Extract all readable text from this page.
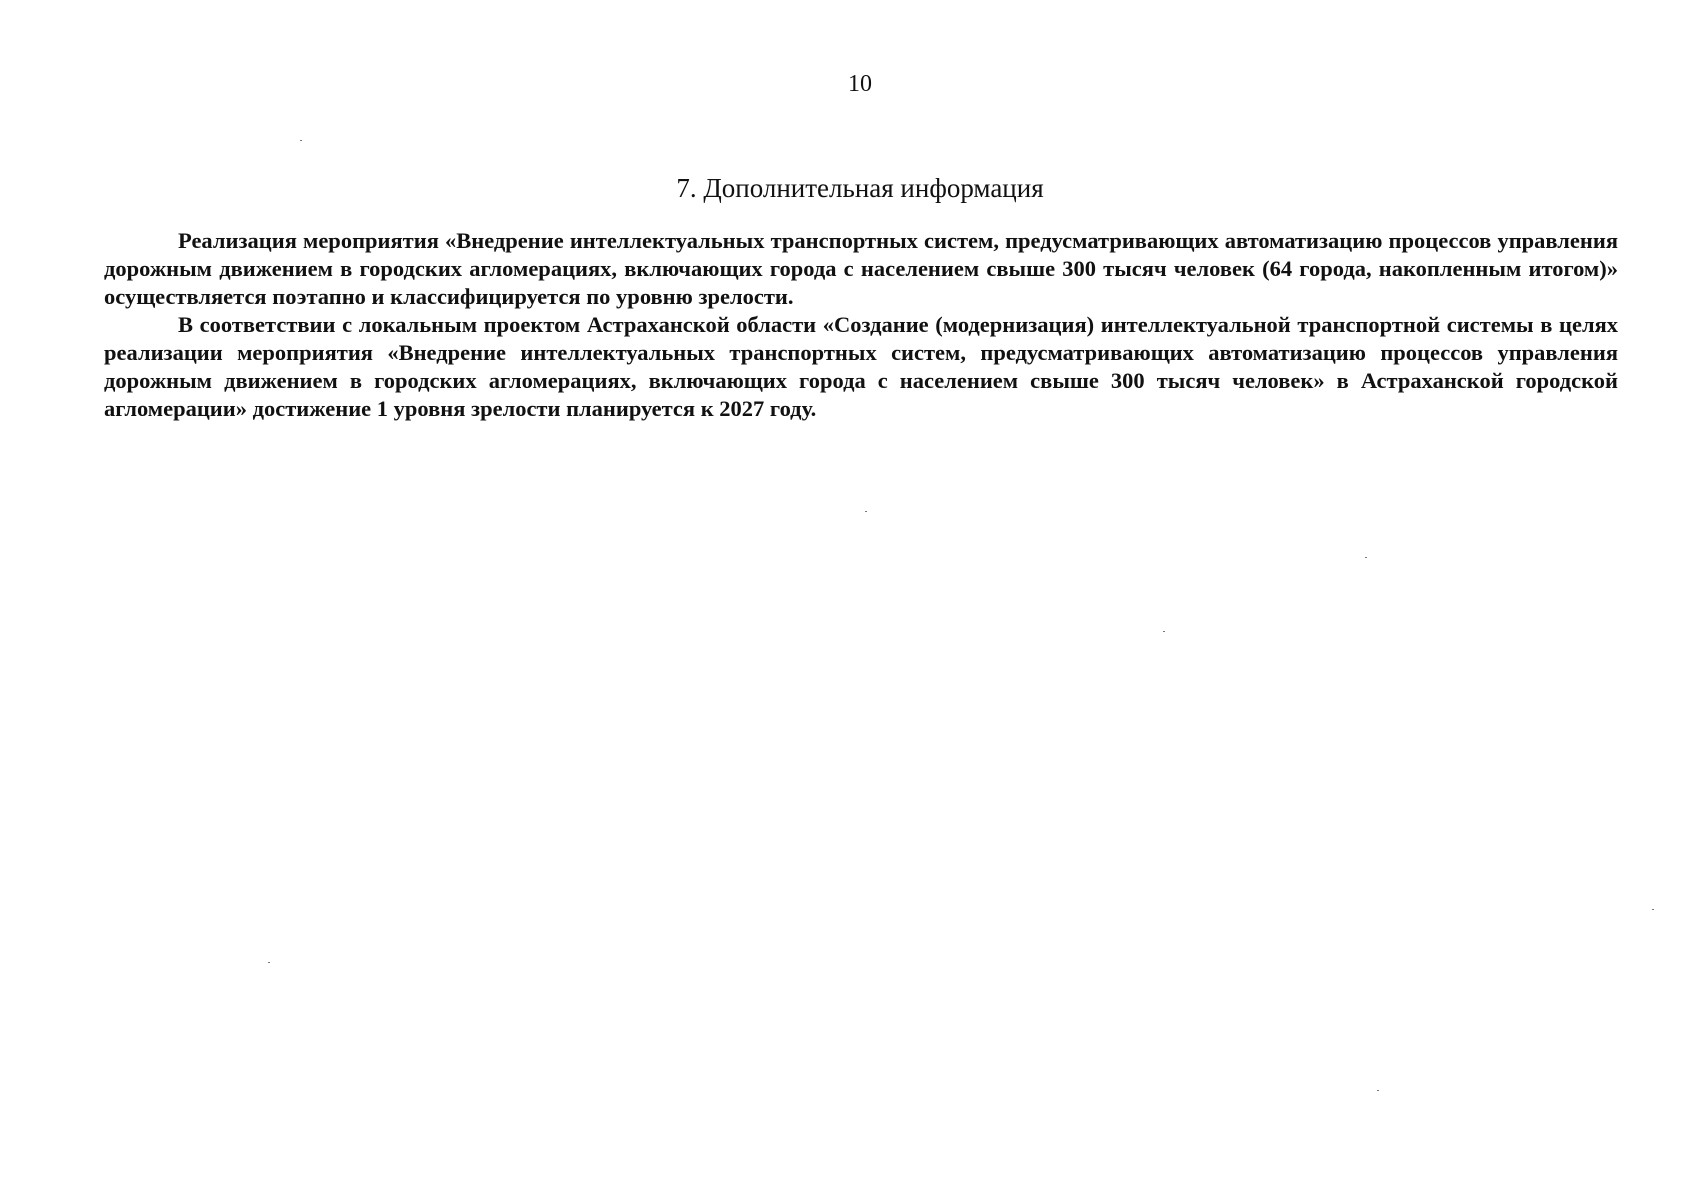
10
7. Дополнительная информация

Реализация мероприятия «Внедрение интеллектуальных транспортных систем, предусматривающих автоматизацию процессов управления дорожным движением в городских агломерациях, включающих города с населением свыше 300 тысяч человек (64 города, накопленным итогом)» осуществляется поэтапно и классифицируется по уровню зрелости.

В соответствии с локальным проектом Астраханской области «Создание (модернизация) интеллектуальной транспортной системы в целях реализации мероприятия «Внедрение интеллектуальных транспортных систем, предусматривающих автоматизацию процессов управления дорожным движением в городских агломерациях, включающих города с населением свыше 300 тысяч человек» в Астраханской городской агломерации» достижение 1 уровня зрелости планируется к 2027 году.
